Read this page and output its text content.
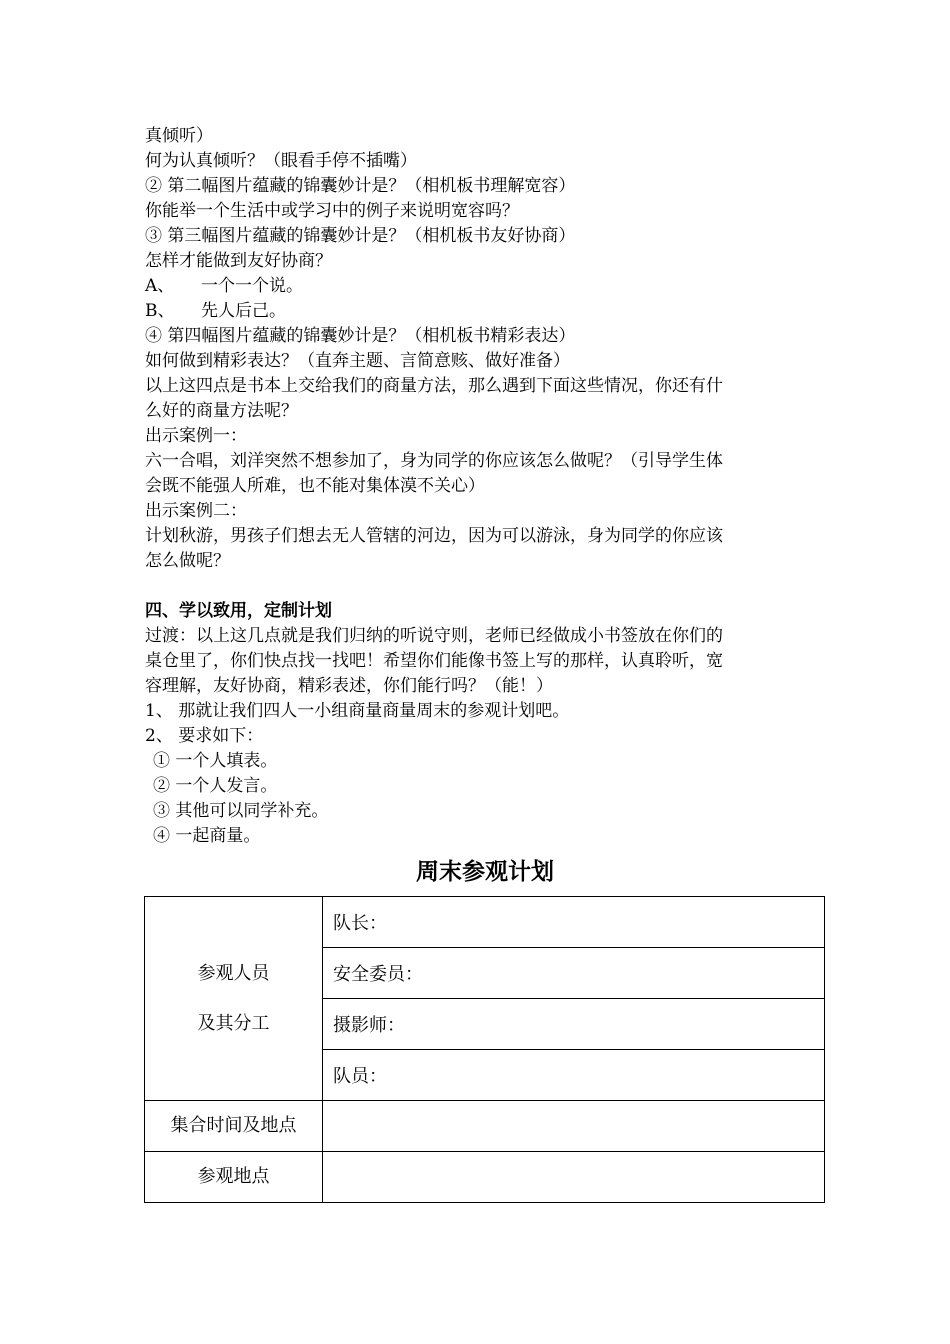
真倾听）
何为认真倾听？（眼看手停不插嘴）
② 第二幅图片蕴藏的锦囊妙计是？（相机板书理解宽容）
你能举一个生活中或学习中的例子来说明宽容吗？
③ 第三幅图片蕴藏的锦囊妙计是？（相机板书友好协商）
怎样才能做到友好协商？
A、 一个一个说。
B、 先人后己。
④ 第四幅图片蕴藏的锦囊妙计是？（相机板书精彩表达）
如何做到精彩表达？（直奔主题、言简意赅、做好准备）
以上这四点是书本上交给我们的商量方法，那么遇到下面这些情况，你还有什
么好的商量方法呢？
出示案例一：
六一合唱，刘洋突然不想参加了，身为同学的你应该怎么做呢？（引导学生体
会既不能强人所难，也不能对集体漠不关心）
出示案例二：
计划秋游，男孩子们想去无人管辖的河边，因为可以游泳，身为同学的你应该
怎么做呢？
四、学以致用，定制计划
过渡：以上这几点就是我们归纳的听说守则，老师已经做成小书签放在你们的
桌仓里了，你们快点找一找吧！希望你们能像书签上写的那样，认真聆听，宽
容理解，友好协商，精彩表述，你们能行吗？（能！）
1、 那就让我们四人一小组商量商量周末的参观计划吧。
2、 要求如下：
① 一个人填表。
② 一个人发言。
③ 其他可以同学补充。
④ 一起商量。
周末参观计划
参观人员
及其分工	队长：
	安全委员：
	摄影师：
	队员：
集合时间及地点	
参观地点	
